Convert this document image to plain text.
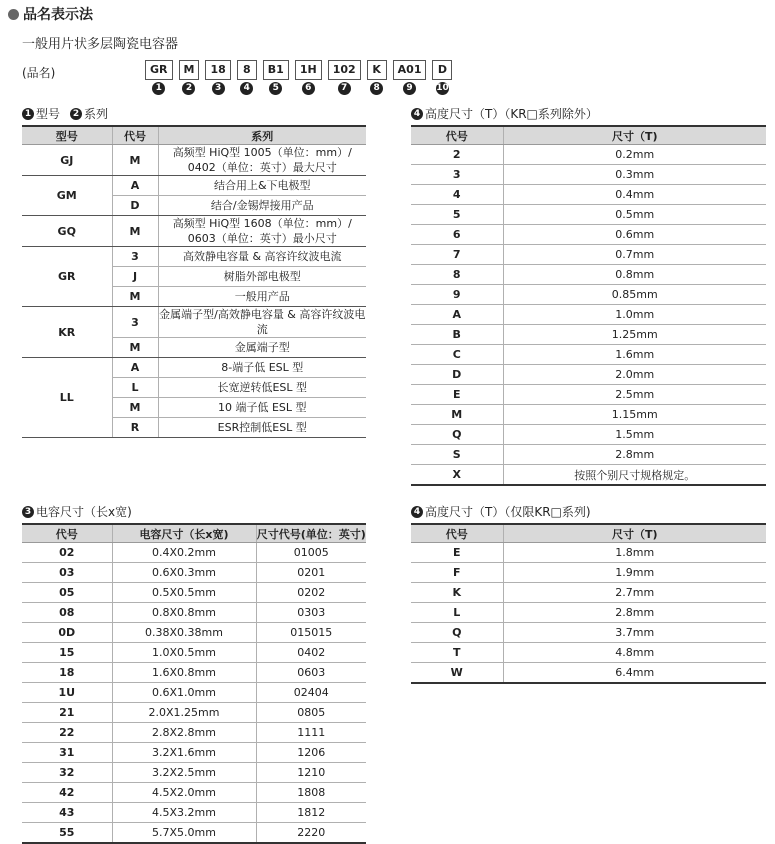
品名表示法
一般用片状多层陶瓷电容器
(品名)	GR	M	18	8	B1	1H	102	K	A01	D
1	2	3	4	5	6	7	8	9	10
1 型号	2 系列
型号	代号	系列
GJ	M	高频型 HiQ型 1005（单位：mm）/ 0402（单位：英寸）最大尺寸
GM	A	结合用上&下电极型
	D	结合/金锡焊接用产品
GQ	M	高频型 HiQ型 1608（单位：mm）/ 0603（单位：英寸）最小尺寸
GR	3	高效静电容量 & 高容许纹波电流
	J	树脂外部电极型
	M	一般用产品
KR	3	金属端子型/高效静电容量 & 高容许纹波电流
	M	金属端子型
LL	A	8-端子低 ESL 型
	L	长宽逆转低ESL 型
	M	10 端子低 ESL 型
	R	ESR控制低ESL 型
3 电容尺寸（长x宽)
代号	电容尺寸（长x宽)	尺寸代号(单位：英寸)
02	0.4X0.2mm	01005
03	0.6X0.3mm	0201
05	0.5X0.5mm	0202
08	0.8X0.8mm	0303
0D	0.38X0.38mm	015015
15	1.0X0.5mm	0402
18	1.6X0.8mm	0603
1U	0.6X1.0mm	02404
21	2.0X1.25mm	0805
22	2.8X2.8mm	1111
31	3.2X1.6mm	1206
32	3.2X2.5mm	1210
42	4.5X2.0mm	1808
43	4.5X3.2mm	1812
55	5.7X5.0mm	2220
4 高度尺寸（T）（KR□系列除外）
代号	尺寸（T)
2	0.2mm
3	0.3mm
4	0.4mm
5	0.5mm
6	0.6mm
7	0.7mm
8	0.8mm
9	0.85mm
A	1.0mm
B	1.25mm
C	1.6mm
D	2.0mm
E	2.5mm
M	1.15mm
Q	1.5mm
S	2.8mm
X	按照个别尺寸规格规定。
4 高度尺寸（T）（仅限KR□系列)
代号	尺寸（T)
E	1.8mm
F	1.9mm
K	2.7mm
L	2.8mm
Q	3.7mm
T	4.8mm
W	6.4mm
